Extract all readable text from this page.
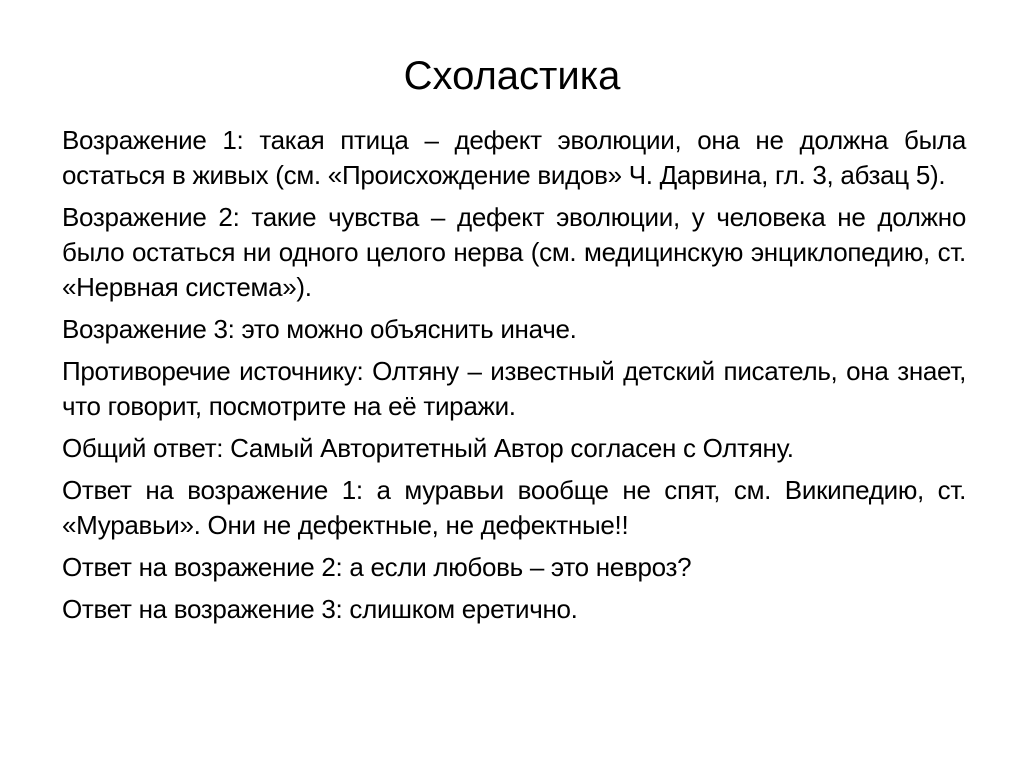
Схоластика

Возражение 1: такая птица – дефект эволюции, она не должна была остаться в живых (см. «Происхождение видов» Ч. Дарвина, гл. 3, абзац 5).

Возражение 2: такие чувства – дефект эволюции, у человека не должно было остаться ни одного целого нерва (см. медицинскую энциклопедию, ст. «Нервная система»).

Возражение 3: это можно объяснить иначе.

Противоречие источнику: Олтяну – известный детский писатель, она знает, что говорит, посмотрите на её тиражи.

Общий ответ: Самый Авторитетный Автор согласен с Олтяну.

Ответ на возражение 1: а муравьи вообще не спят, см. Википедию, ст. «Муравьи». Они не дефектные, не дефектные!!

Ответ на возражение 2: а если любовь – это невроз?

Ответ на возражение 3: слишком еретично.
